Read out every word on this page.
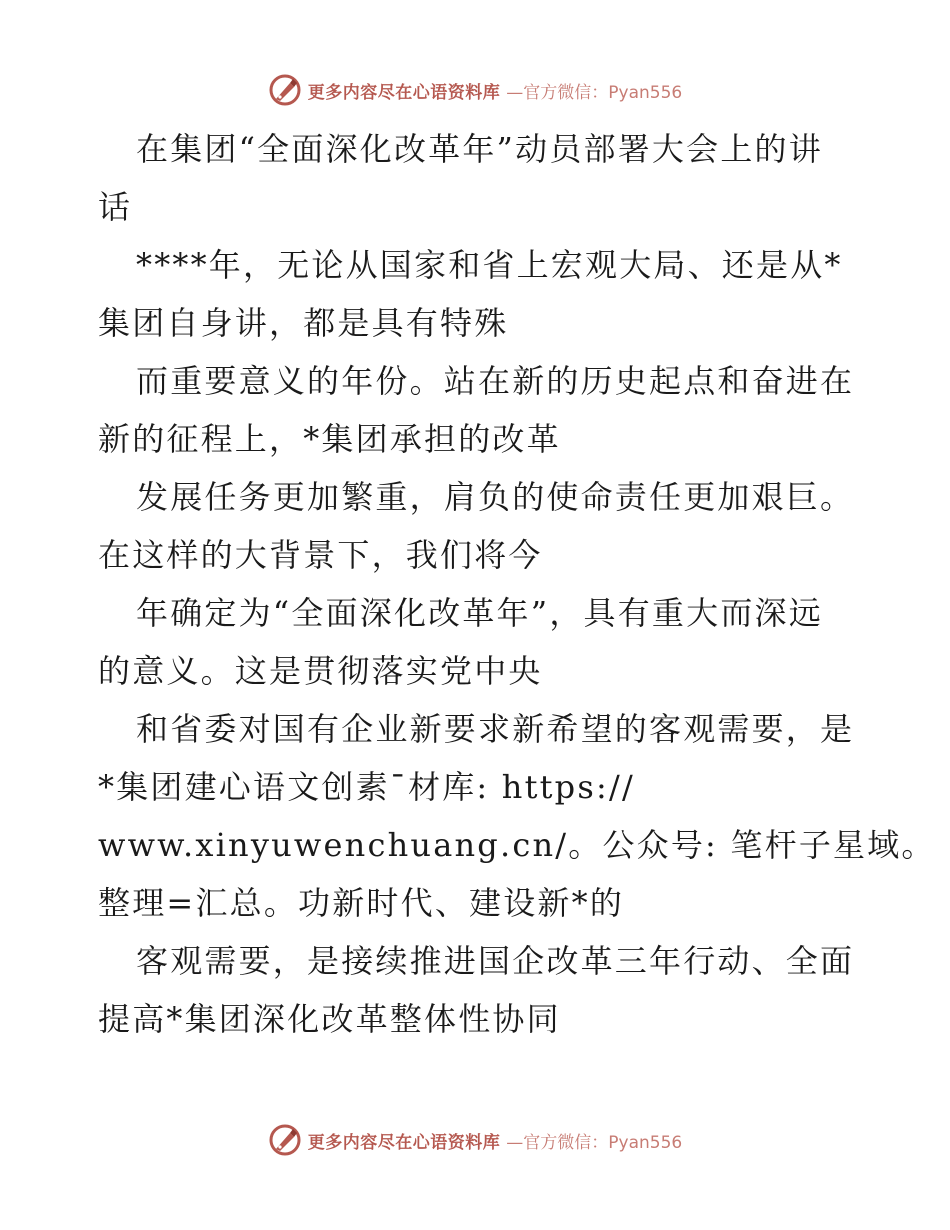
更多内容尽在心语资料库 —官方微信：Pyan556

在集团“全面深化改革年”动员部署大会上的讲

话

****年，无论从国家和省上宏观大局、还是从*

集团自身讲，都是具有特殊

而重要意义的年份。站在新的历史起点和奋进在

新的征程上，*集团承担的改革

发展任务更加繁重，肩负的使命责任更加艰巨。

在这样的大背景下，我们将今

年确定为“全面深化改革年”，具有重大而深远

的意义。这是贯彻落实党中央

和省委对国有企业新要求新希望的客观需要，是

*集团建心语文创素¯材库: https://

www.xinyuwenchuang.cn/。公众号: 笔杆子星域。

整理=汇总。功新时代、建设新*的

客观需要，是接续推进国企改革三年行动、全面

提高*集团深化改革整体性协同

更多内容尽在心语资料库 —官方微信：Pyan556
